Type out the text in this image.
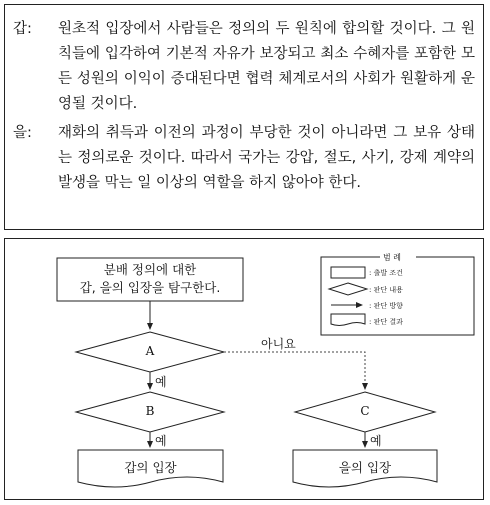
갑:	원초적 입장에서 사람들은 정의의 두 원칙에 합의할 것이다. 그 원칙들에 입각하여 기본적 자유가 보장되고 최소 수혜자를 포함한 모든 성원의 이익이 증대된다면 협력 체계로서의 사회가 원활하게 운영될 것이다.
을:	재화의 취득과 이전의 과정이 부당한 것이 아니라면 그 보유 상태는 정의로운 것이다. 따라서 국가는 강압, 절도, 사기, 강제 계약의 발생을 막는 일 이상의 역할을 하지 않아야 한다.
분배 정의에 대한
갑, 을의 입장을 탐구한다.
A
B	C
예
예	예
아니요
갑의 입장	을의 입장
범 례
: 출발 조건
: 판단 내용
: 판단 방향
: 판단 결과
